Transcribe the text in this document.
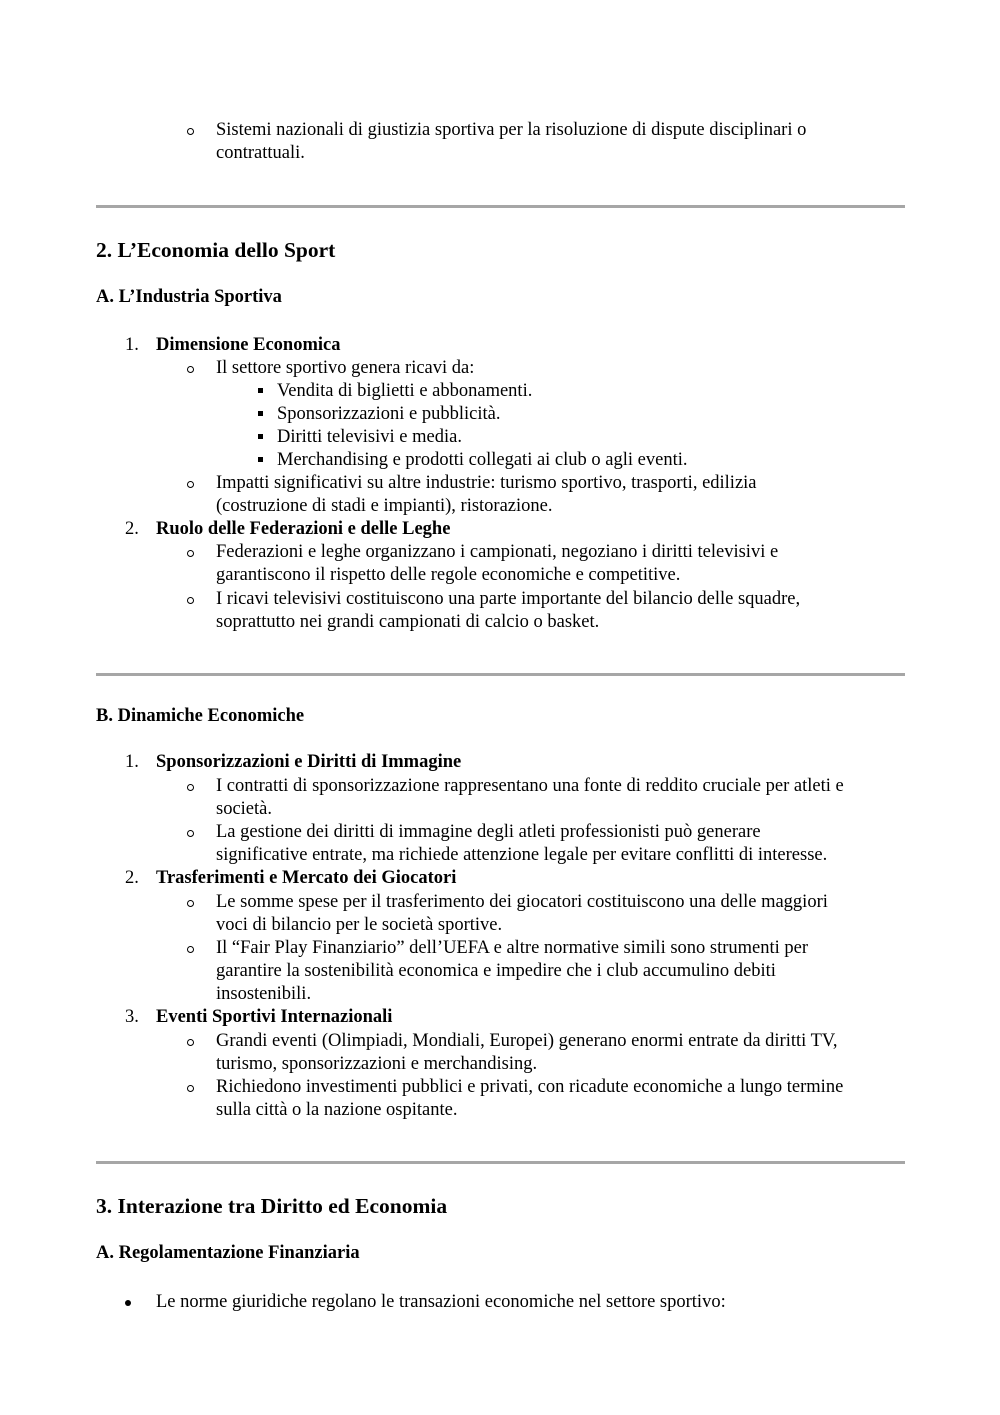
Sistemi nazionali di giustizia sportiva per la risoluzione di dispute disciplinari o
contrattuali.
2. L’Economia dello Sport
A. L’Industria Sportiva
1. Dimensione Economica
Il settore sportivo genera ricavi da:
Vendita di biglietti e abbonamenti.
Sponsorizzazioni e pubblicità.
Diritti televisivi e media.
Merchandising e prodotti collegati ai club o agli eventi.
Impatti significativi su altre industrie: turismo sportivo, trasporti, edilizia
(costruzione di stadi e impianti), ristorazione.
2. Ruolo delle Federazioni e delle Leghe
Federazioni e leghe organizzano i campionati, negoziano i diritti televisivi e
garantiscono il rispetto delle regole economiche e competitive.
I ricavi televisivi costituiscono una parte importante del bilancio delle squadre,
soprattutto nei grandi campionati di calcio o basket.
B. Dinamiche Economiche
1. Sponsorizzazioni e Diritti di Immagine
I contratti di sponsorizzazione rappresentano una fonte di reddito cruciale per atleti e
società.
La gestione dei diritti di immagine degli atleti professionisti può generare
significative entrate, ma richiede attenzione legale per evitare conflitti di interesse.
2. Trasferimenti e Mercato dei Giocatori
Le somme spese per il trasferimento dei giocatori costituiscono una delle maggiori
voci di bilancio per le società sportive.
Il “Fair Play Finanziario” dell’UEFA e altre normative simili sono strumenti per
garantire la sostenibilità economica e impedire che i club accumulino debiti
insostenibili.
3. Eventi Sportivi Internazionali
Grandi eventi (Olimpiadi, Mondiali, Europei) generano enormi entrate da diritti TV,
turismo, sponsorizzazioni e merchandising.
Richiedono investimenti pubblici e privati, con ricadute economiche a lungo termine
sulla città o la nazione ospitante.
3. Interazione tra Diritto ed Economia
A. Regolamentazione Finanziaria
Le norme giuridiche regolano le transazioni economiche nel settore sportivo:
